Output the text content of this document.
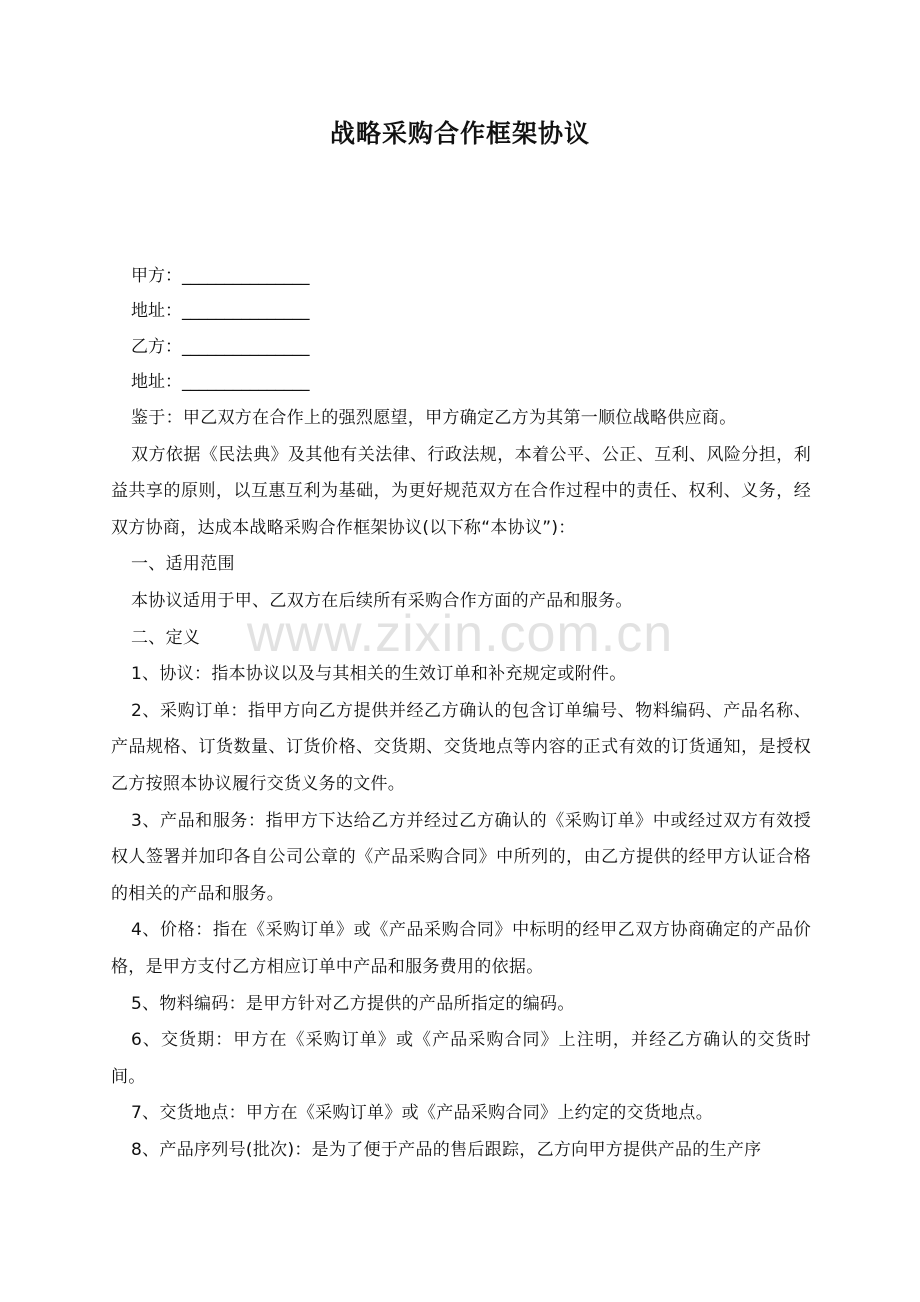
战略采购合作框架协议
甲方：_______________
地址：_______________
乙方：_______________
地址：_______________

鉴于：甲乙双方在合作上的强烈愿望，甲方确定乙方为其第一顺位战略供应商。

双方依据《民法典》及其他有关法律、行政法规，本着公平、公正、互利、风险分担，利益共享的原则，以互惠互利为基础，为更好规范双方在合作过程中的责任、权利、义务，经双方协商，达成本战略采购合作框架协议(以下称“本协议”)：

一、适用范围

本协议适用于甲、乙双方在后续所有采购合作方面的产品和服务。

二、定义

1、协议：指本协议以及与其相关的生效订单和补充规定或附件。

2、采购订单：指甲方向乙方提供并经乙方确认的包含订单编号、物料编码、产品名称、产品规格、订货数量、订货价格、交货期、交货地点等内容的正式有效的订货通知，是授权乙方按照本协议履行交货义务的文件。

3、产品和服务：指甲方下达给乙方并经过乙方确认的《采购订单》中或经过双方有效授权人签署并加印各自公司公章的《产品采购合同》中所列的，由乙方提供的经甲方认证合格的相关的产品和服务。

4、价格：指在《采购订单》或《产品采购合同》中标明的经甲乙双方协商确定的产品价格，是甲方支付乙方相应订单中产品和服务费用的依据。

5、物料编码：是甲方针对乙方提供的产品所指定的编码。

6、交货期：甲方在《采购订单》或《产品采购合同》上注明，并经乙方确认的交货时间。

7、交货地点：甲方在《采购订单》或《产品采购合同》上约定的交货地点。

8、产品序列号(批次)：是为了便于产品的售后跟踪，乙方向甲方提供产品的生产序

www.zixin.com.cn
